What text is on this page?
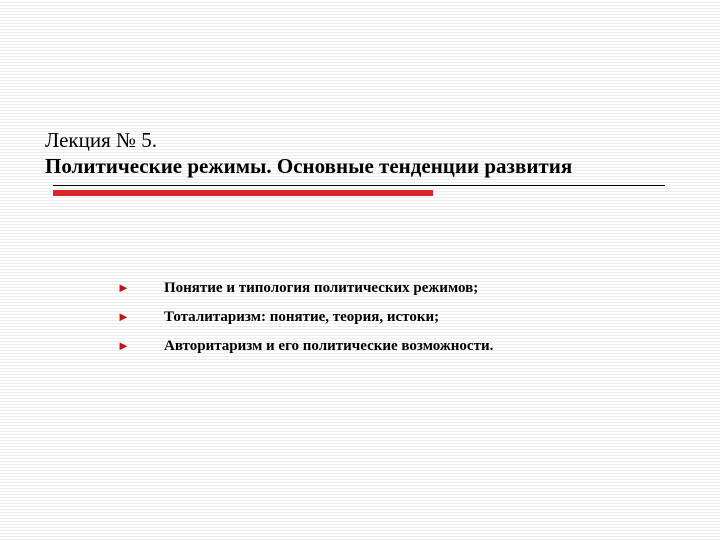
Лекция № 5.

Политические режимы. Основные тенденции развития

►	Понятие и типология политических режимов;
►	Тоталитаризм: понятие, теория, истоки;
►	Авторитаризм и его политические возможности.
